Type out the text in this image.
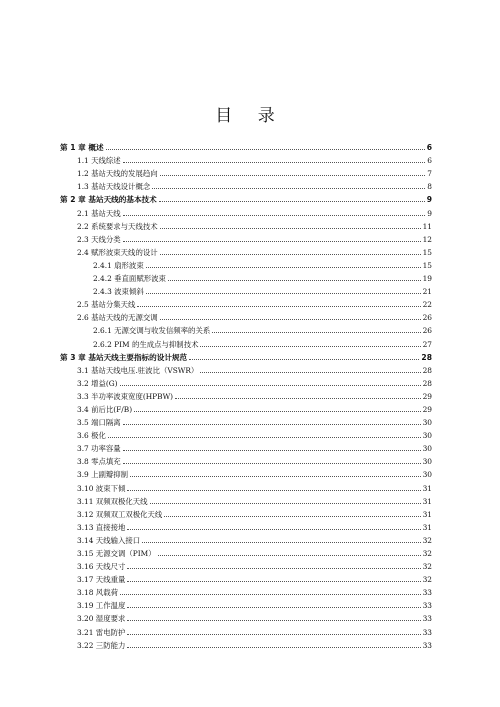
目 录
第 1 章 概述	6
1.1 天线综述	6
1.2 基站天线的发展趋向	7
1.3 基站天线设计概念	8
第 2 章 基站天线的基本技术	9
2.1 基站天线	9
2.2 系统要求与天线技术	11
2.3 天线分类	12
2.4 赋形波束天线的设计	15
2.4.1 扇形波束	15
2.4.2 垂直面赋形波束	19
2.4.3 波束倾斜	21
2.5 基站分集天线	22
2.6 基站天线的无源交调	26
2.6.1 无源交调与收发信频率的关系	26
2.6.2 PIM 的生成点与抑制技术	27
第 3 章 基站天线主要指标的设计规范	28
3.1 基站天线电压.驻波比（VSWR）	28
3.2 增益(G)	28
3.3 半功率波束宽度(HPBW)	29
3.4 前后比(F/B)	29
3.5 端口隔离	30
3.6 极化	30
3.7 功率容量	30
3.8 零点填充	30
3.9 上副瓣抑制	30
3.10 波束下倾	31
3.11 双频双极化天线	31
3.12 双频双工双极化天线	31
3.13 直接接地	31
3.14 天线输入接口	32
3.15 无源交调（PIM）	32
3.16 天线尺寸	32
3.17 天线重量	32
3.18 风载荷	33
3.19 工作温度	33
3.20 湿度要求	33
3.21 雷电防护	33
3.22 三防能力	33
